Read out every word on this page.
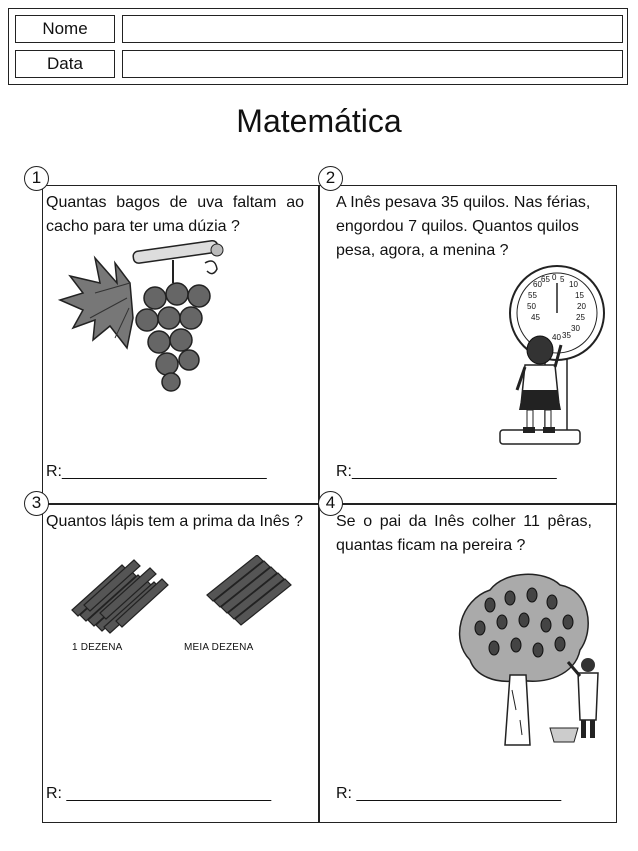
Nome
Data
Matemática
1
Quantas bagos de uva faltam ao cacho para ter uma dúzia ?
R:_______________________
2
A Inês pesava 35 quilos. Nas férias, engordou 7 quilos. Quantos quilos pesa, agora, a menina ?
60
65 0 5
10
15
20
25
30
35
40
45
50
55
R:_______________________
3
Quantos lápis tem a prima da Inês ?
1 DEZENA	MEIA DEZENA
R: _______________________
4
Se o pai da Inês colher 11 pêras, quantas ficam na pereira ?
R: _______________________
